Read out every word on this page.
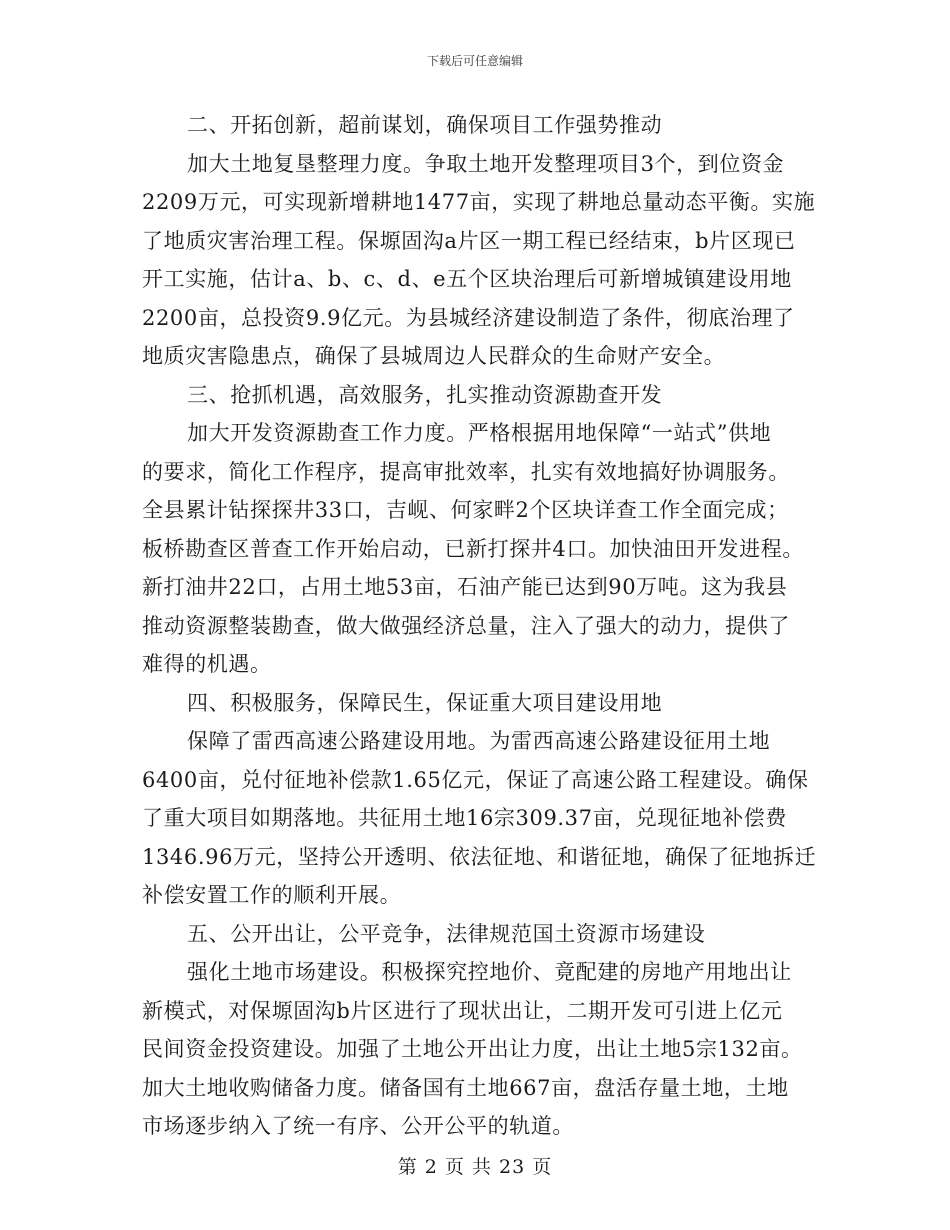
下载后可任意编辑
二、开拓创新，超前谋划，确保项目工作强势推动
加大土地复垦整理力度。争取土地开发整理项目3个，到位资金
2209万元，可实现新增耕地1477亩，实现了耕地总量动态平衡。实施
了地质灾害治理工程。保塬固沟a片区一期工程已经结束，b片区现已
开工实施，估计a、b、c、d、e五个区块治理后可新增城镇建设用地
2200亩，总投资9.9亿元。为县城经济建设制造了条件，彻底治理了
地质灾害隐患点，确保了县城周边人民群众的生命财产安全。
三、抢抓机遇，高效服务，扎实推动资源勘查开发
加大开发资源勘查工作力度。严格根据用地保障“一站式”供地
的要求，简化工作程序，提高审批效率，扎实有效地搞好协调服务。
全县累计钻探探井33口，吉岘、何家畔2个区块详查工作全面完成；
板桥勘查区普查工作开始启动，已新打探井4口。加快油田开发进程。
新打油井22口，占用土地53亩，石油产能已达到90万吨。这为我县
推动资源整装勘查，做大做强经济总量，注入了强大的动力，提供了
难得的机遇。
四、积极服务，保障民生，保证重大项目建设用地
保障了雷西高速公路建设用地。为雷西高速公路建设征用土地
6400亩，兑付征地补偿款1.65亿元，保证了高速公路工程建设。确保
了重大项目如期落地。共征用土地16宗309.37亩，兑现征地补偿费
1346.96万元，坚持公开透明、依法征地、和谐征地，确保了征地拆迁
补偿安置工作的顺利开展。
五、公开出让，公平竞争，法律规范国土资源市场建设
强化土地市场建设。积极探究控地价、竟配建的房地产用地出让
新模式，对保塬固沟b片区进行了现状出让，二期开发可引进上亿元
民间资金投资建设。加强了土地公开出让力度，出让土地5宗132亩。
加大土地收购储备力度。储备国有土地667亩，盘活存量土地，土地
市场逐步纳入了统一有序、公开公平的轨道。
第 2 页 共 23 页
